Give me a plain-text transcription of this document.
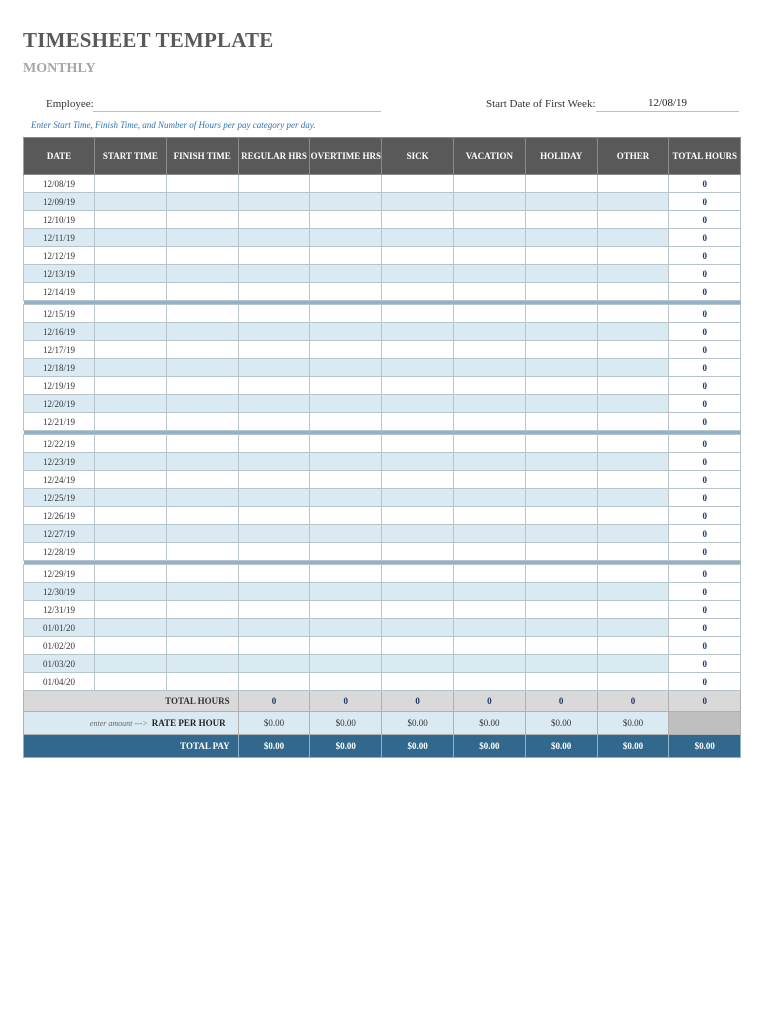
TIMESHEET TEMPLATE
MONTHLY
Employee:	Start Date of First Week:	12/08/19
Enter Start Time, Finish Time, and Number of Hours per pay category per day.
DATE	START TIME	FINISH TIME	REGULAR HRS	OVERTIME HRS	SICK	VACATION	HOLIDAY	OTHER	TOTAL HOURS
12/08/19									0
12/09/19									0
12/10/19									0
12/11/19									0
12/12/19									0
12/13/19									0
12/14/19									0

12/15/19									0
12/16/19									0
12/17/19									0
12/18/19									0
12/19/19									0
12/20/19									0
12/21/19									0

12/22/19									0
12/23/19									0
12/24/19									0
12/25/19									0
12/26/19									0
12/27/19									0
12/28/19									0

12/29/19									0
12/30/19									0
12/31/19									0
01/01/20									0
01/02/20									0
01/03/20									0
01/04/20									0
TOTAL HOURS			0	0	0	0	0	0	0
enter amount ---> RATE PER HOUR			$0.00	$0.00	$0.00	$0.00	$0.00	$0.00	
TOTAL PAY			$0.00	$0.00	$0.00	$0.00	$0.00	$0.00	$0.00
